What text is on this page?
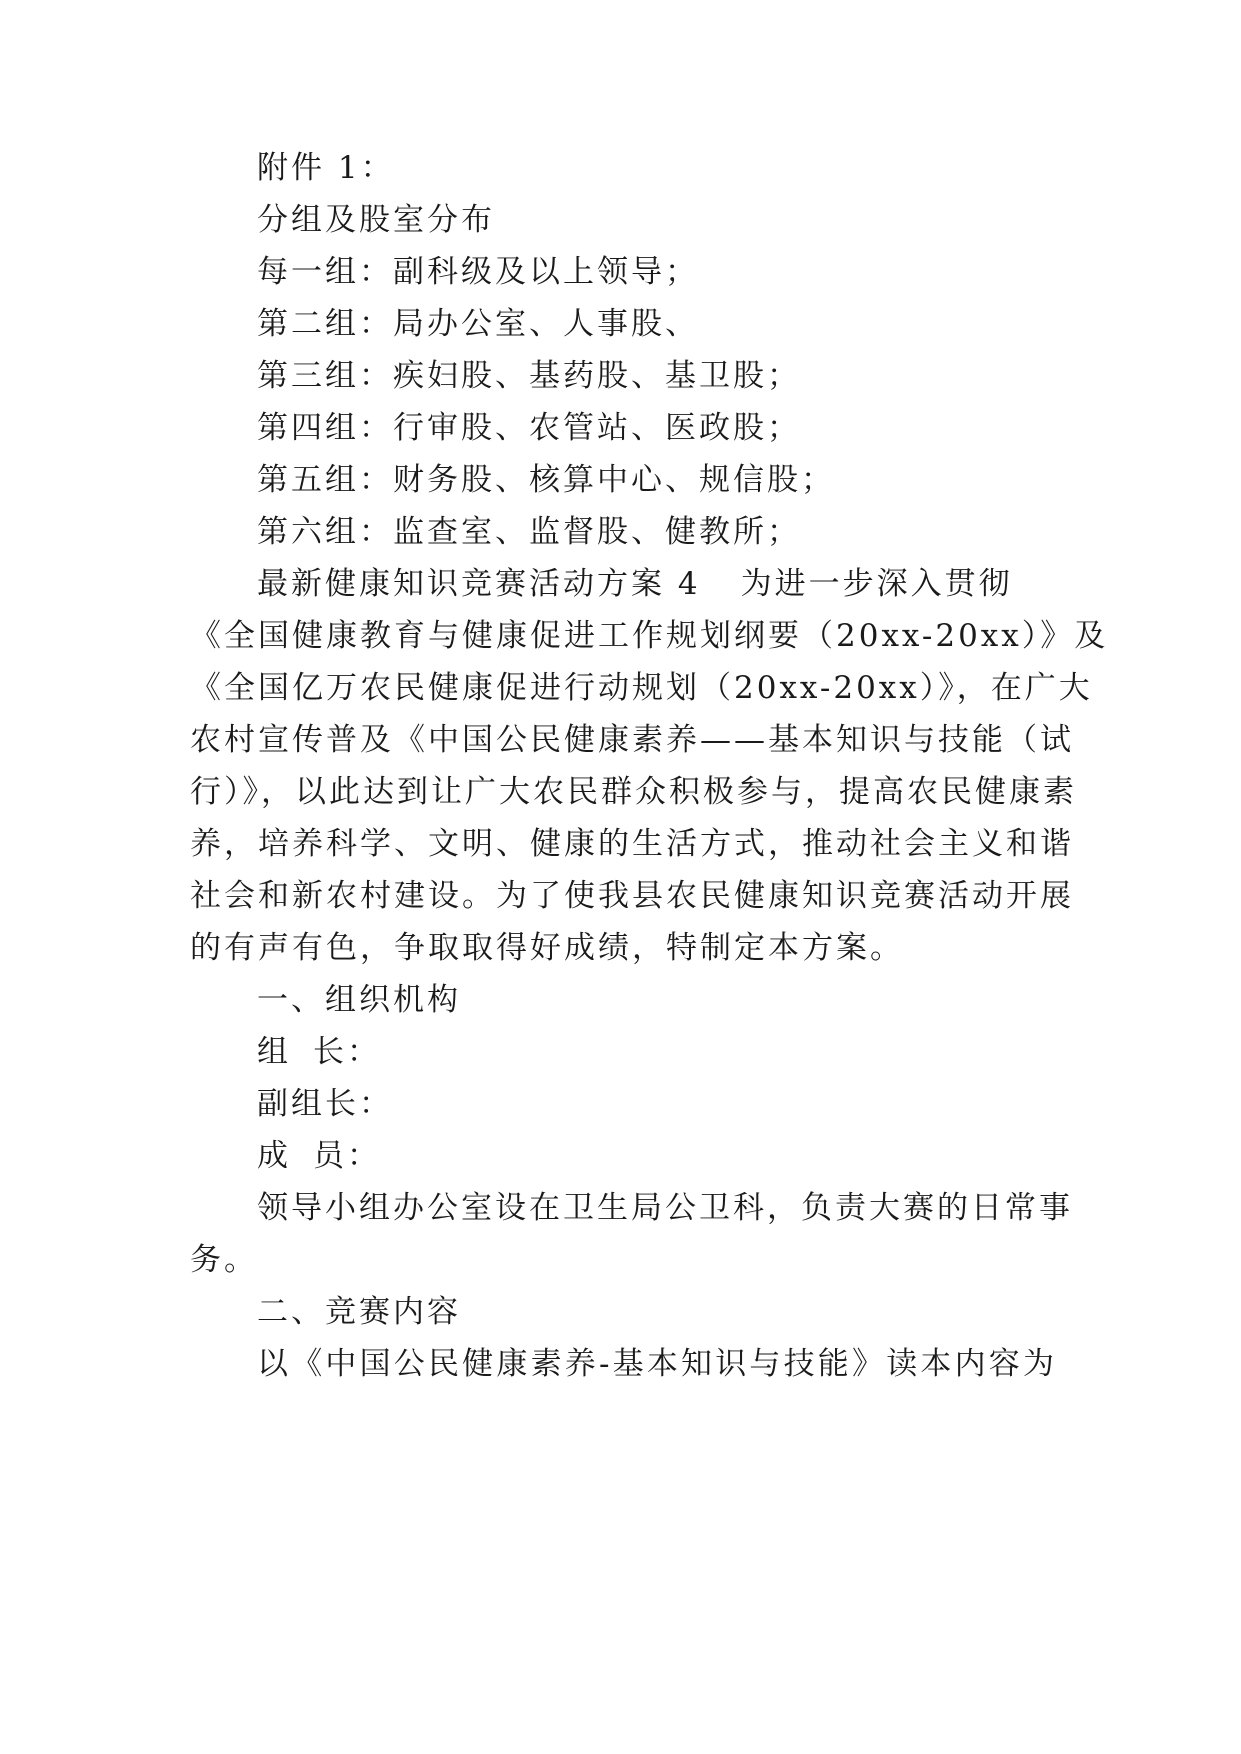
附件 1：
分组及股室分布
每一组：副科级及以上领导；
第二组：局办公室、人事股、
第三组：疾妇股、基药股、基卫股；
第四组：行审股、农管站、医政股；
第五组：财务股、核算中心、规信股；
第六组：监查室、监督股、健教所；
最新健康知识竞赛活动方案 4 为进一步深入贯彻
《全国健康教育与健康促进工作规划纲要（20xx-20xx）》及
《全国亿万农民健康促进行动规划（20xx-20xx）》，在广大
农村宣传普及《中国公民健康素养——基本知识与技能（试
行）》，以此达到让广大农民群众积极参与，提高农民健康素
养，培养科学、文明、健康的生活方式，推动社会主义和谐
社会和新农村建设。为了使我县农民健康知识竞赛活动开展
的有声有色，争取取得好成绩，特制定本方案。
一、组织机构
组 长：
副组长：
成 员：
领导小组办公室设在卫生局公卫科，负责大赛的日常事
务。
二、竞赛内容
以《中国公民健康素养-基本知识与技能》读本内容为
